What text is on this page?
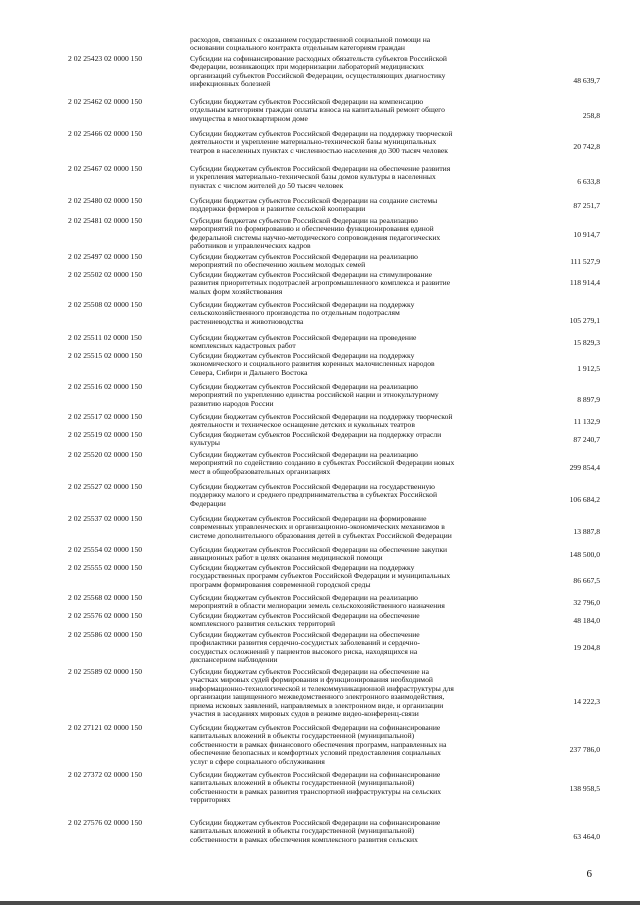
расходов, связанных с оказанием государственной социальной помощи на
основании социального контракта отдельным категориям граждан
2 02 25423 02 0000 150	Субсидии на софинансирование расходных обязательств субъектов Российской
Федерации, возникающих при модернизации лабораторий медицинских
организаций субъектов Российской Федерации, осуществляющих диагностику
инфекционных болезней	48 639,7
2 02 25462 02 0000 150	Субсидии бюджетам субъектов Российской Федерации на компенсацию
отдельным категориям граждан оплаты взноса на капитальный ремонт общего
имущества в многоквартирном доме	258,8
2 02 25466 02 0000 150	Субсидии бюджетам субъектов Российской Федерации на поддержку творческой
деятельности и укрепление материально-технической базы муниципальных
театров в населенных пунктах с численностью населения до 300 тысяч человек	20 742,8
2 02 25467 02 0000 150	Субсидии бюджетам субъектов Российской Федерации на обеспечение развития
и укрепления материально-технической базы домов культуры в населенных
пунктах с числом жителей до 50 тысяч человек	6 633,8
2 02 25480 02 0000 150	Субсидии бюджетам субъектов Российской Федерации на создание системы
поддержки фермеров и развитие сельской кооперации	87 251,7
2 02 25481 02 0000 150	Субсидии бюджетам субъектов Российской Федерации на реализацию
мероприятий по формированию и обеспечению функционирования единой
федеральной системы научно-методического сопровождения педагогических
работников и управленческих кадров
10 914,7
2 02 25497 02 0000 150	Субсидии бюджетам субъектов Российской Федерации на реализацию
мероприятий по обеспечению жильем молодых семей	111 527,9
2 02 25502 02 0000 150	Субсидии бюджетам субъектов Российской Федерации на стимулирование
развития приоритетных подотраслей агропромышленного комплекса и развитие
малых форм хозяйствования
118 914,4
2 02 25508 02 0000 150	Субсидии бюджетам субъектов Российской Федерации на поддержку
сельскохозяйственного производства по отдельным подотраслям
растениеводства и животноводства	105 279,1
2 02 25511 02 0000 150	Субсидии бюджетам субъектов Российской Федерации на проведение
комплексных кадастровых работ	15 829,3
2 02 25515 02 0000 150	Субсидии бюджетам субъектов Российской Федерации на поддержку
экономического и социального развития коренных малочисленных народов
Севера, Сибири и Дальнего Востока	1 912,5
2 02 25516 02 0000 150	Субсидии бюджетам субъектов Российской Федерации на реализацию
мероприятий по укреплению единства российской нации и этнокультурному
развитию народов России	8 897,9
2 02 25517 02 0000 150	Субсидии бюджетам субъектов Российской Федерации на поддержку творческой
деятельности и техническое оснащение детских и кукольных театров	11 132,9
2 02 25519 02 0000 150	Субсидия бюджетам субъектов Российской Федерации на поддержку отрасли
культуры	87 240,7
2 02 25520 02 0000 150	Субсидии бюджетам субъектов Российской Федерации на реализацию
мероприятий по содействию созданию в субъектах Российской Федерации новых
мест в общеобразовательных организациях	299 854,4
2 02 25527 02 0000 150	Субсидии бюджетам субъектов Российской Федерации на государственную
поддержку малого и среднего предпринимательства в субъектах Российской
Федерации	106 684,2
2 02 25537 02 0000 150	Субсидии бюджетам субъектов Российской Федерации на формирование
современных управленческих и организационно-экономических механизмов в
системе дополнительного образования детей в субъектах Российской Федерации	13 887,8
2 02 25554 02 0000 150	Субсидии бюджетам субъектов Российской Федерации на обеспечение закупки
авиационных работ в целях оказания медицинской помощи	148 500,0
2 02 25555 02 0000 150	Субсидии бюджетам субъектов Российской Федерации на поддержку
государственных программ субъектов Российской Федерации и муниципальных
программ формирования современной городской среды	86 667,5
2 02 25568 02 0000 150	Субсидии бюджетам субъектов Российской Федерации на реализацию
мероприятий в области мелиорации земель сельскохозяйственного назначения	32 796,0
2 02 25576 02 0000 150	Субсидии бюджетам субъектов Российской Федерации на обеспечение
комплексного развития сельских территорий	48 184,0
2 02 25586 02 0000 150	Субсидии бюджетам субъектов Российской Федерации на обеспечение
профилактики развития сердечно-сосудистых заболеваний и сердечно-
сосудистых осложнений у пациентов высокого риска, находящихся на
диспансерном наблюдении
19 204,8
2 02 25589 02 0000 150	Субсидии бюджетам субъектов Российской Федерации на обеспечение на
участках мировых судей формирования и функционирования необходимой
информационно-технологической и телекоммуникационной инфраструктуры для
организации защищенного межведомственного электронного взаимодействия,
приема исковых заявлений, направляемых в электронном виде, и организации
участия в заседаниях мировых судов в режиме видео-конференц-связи
14 222,3
2 02 27121 02 0000 150	Субсидии бюджетам субъектов Российской Федерации на софинансирование
капитальных вложений в объекты государственной (муниципальной)
собственности в рамках финансового обеспечения программ, направленных на
обеспечение безопасных и комфортных условий предоставления социальных
услуг в сфере социального обслуживания
237 786,0
2 02 27372 02 0000 150	Субсидии бюджетам субъектов Российской Федерации на софинансирование
капитальных вложений в объекты государственной (муниципальной)
собственности в рамках развития транспортной инфраструктуры на сельских
территориях
138 958,5
2 02 27576 02 0000 150	Субсидии бюджетам субъектов Российской Федерации на софинансирование
капитальных вложений в объекты государственной (муниципальной)
собственности в рамках обеспечения комплексного развития сельских	63 464,0
6
